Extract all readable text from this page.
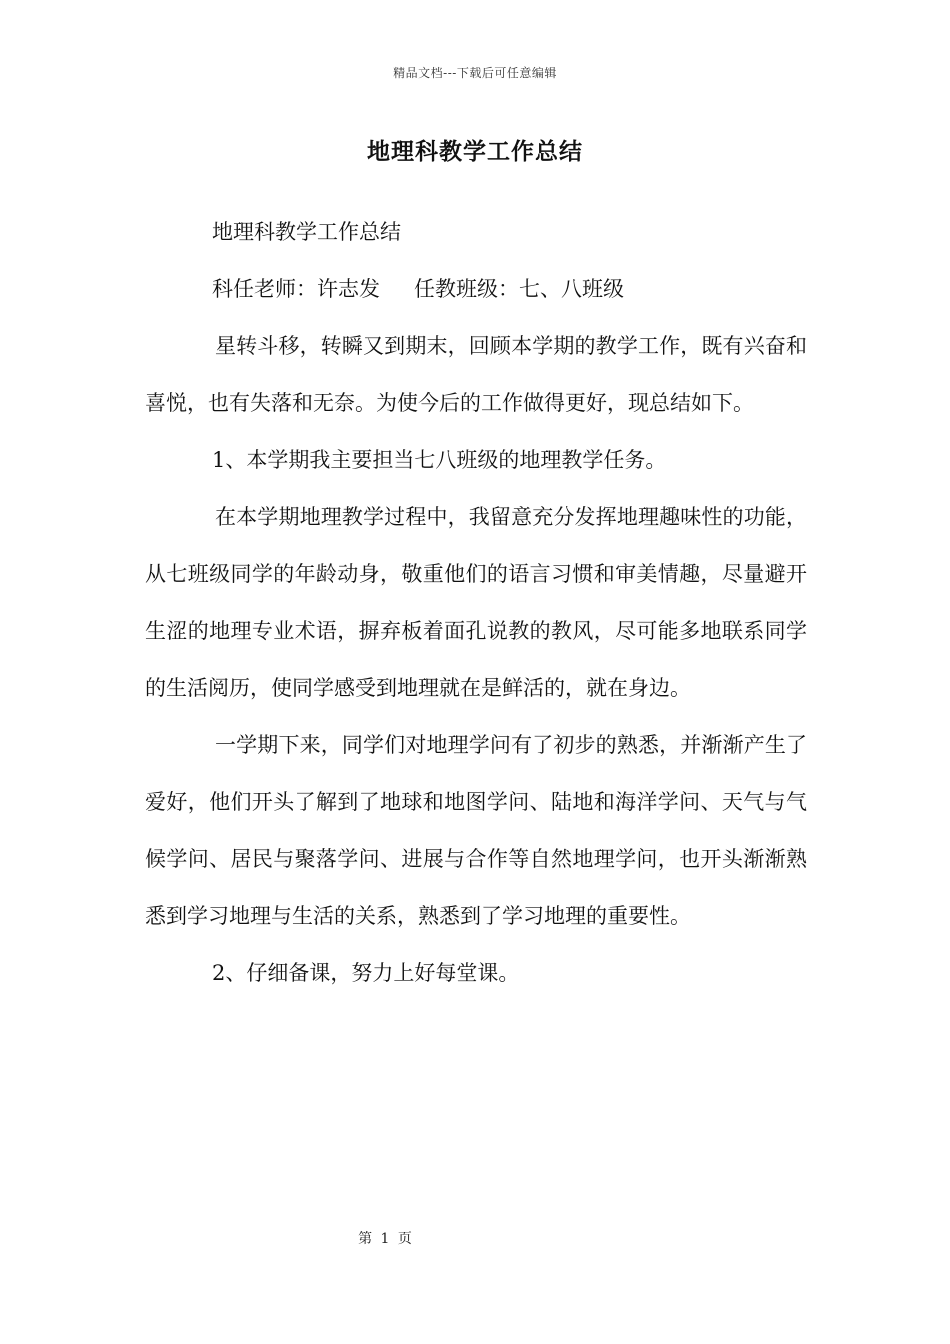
精品文档---下载后可任意编辑
地理科教学工作总结

地理科教学工作总结

科任老师：许志发 任教班级：七、八班级

星转斗移，转瞬又到期末，回顾本学期的教学工作，既有兴奋和喜悦，也有失落和无奈。为使今后的工作做得更好，现总结如下。

1、本学期我主要担当七八班级的地理教学任务。

在本学期地理教学过程中，我留意充分发挥地理趣味性的功能，从七班级同学的年龄动身，敬重他们的语言习惯和审美情趣，尽量避开生涩的地理专业术语，摒弃板着面孔说教的教风，尽可能多地联系同学的生活阅历，使同学感受到地理就在是鲜活的，就在身边。

一学期下来，同学们对地理学问有了初步的熟悉，并渐渐产生了爱好，他们开头了解到了地球和地图学问、陆地和海洋学问、天气与气候学问、居民与聚落学问、进展与合作等自然地理学问，也开头渐渐熟悉到学习地理与生活的关系，熟悉到了学习地理的重要性。

2、仔细备课，努力上好每堂课。

第 1 页
